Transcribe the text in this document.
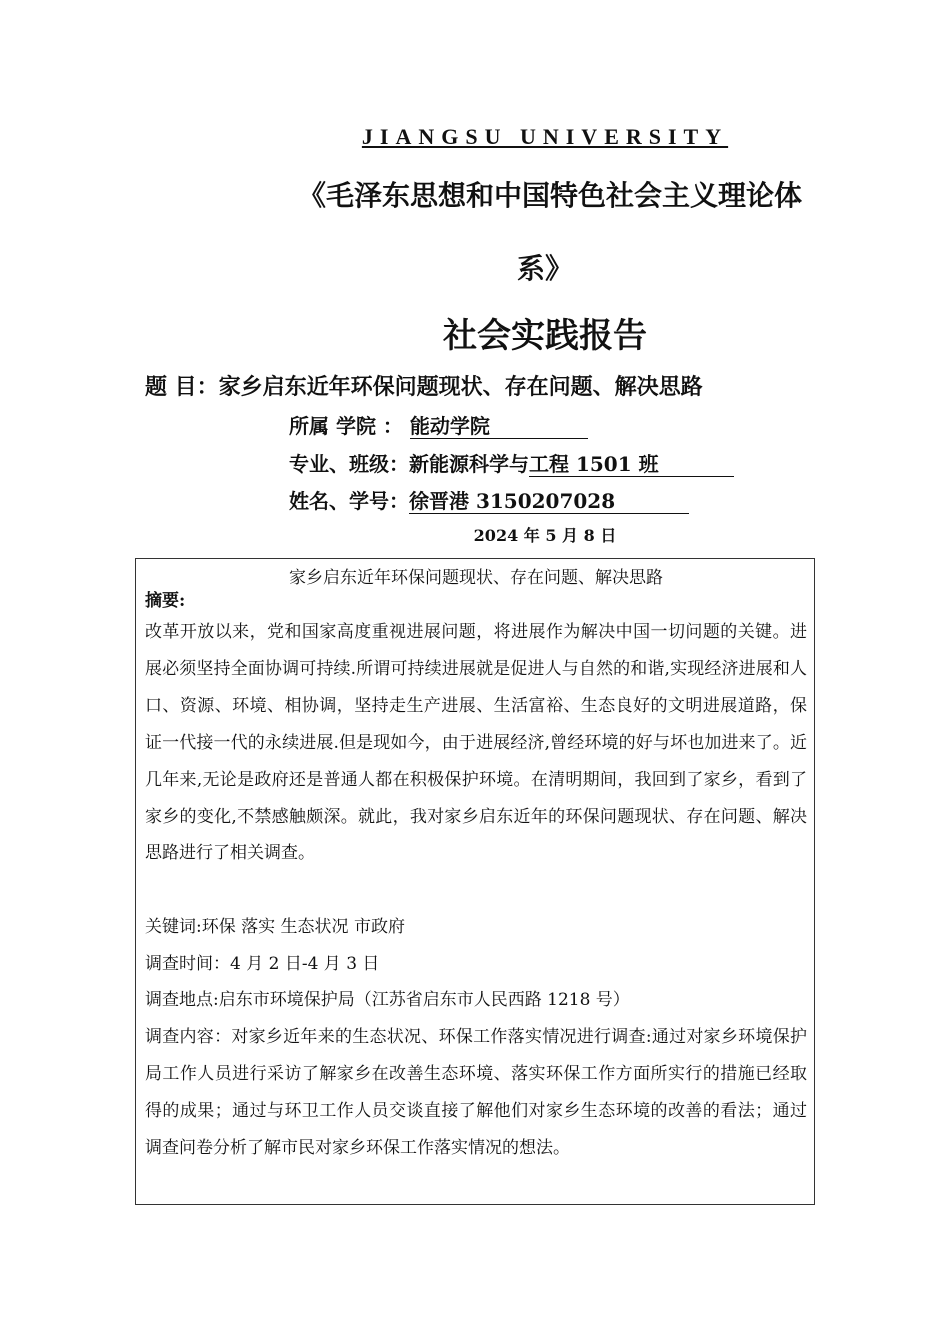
JIANGSU UNIVERSITY
《毛泽东思想和中国特色社会主义理论体
系》
社会实践报告
题 目：家乡启东近年环保问题现状、存在问题、解决思路
所属 学院 ： 能动学院
专业、班级：新能源科学与工程 1501 班
姓名、学号：徐晋港 3150207028
2024 年 5 月 8 日
家乡启东近年环保问题现状、存在问题、解决思路
摘要:
改革开放以来，党和国家高度重视进展问题，将进展作为解决中国一切问题的关键。进展必须坚持全面协调可持续.所谓可持续进展就是促进人与自然的和谐,实现经济进展和人口、资源、环境、相协调，坚持走生产进展、生活富裕、生态良好的文明进展道路，保证一代接一代的永续进展.但是现如今，由于进展经济,曾经环境的好与坏也加进来了。近几年来,无论是政府还是普通人都在积极保护环境。在清明期间，我回到了家乡，看到了家乡的变化,不禁感触颇深。就此，我对家乡启东近年的环保问题现状、存在问题、解决思路进行了相关调查。
关键词:环保 落实 生态状况 市政府
调查时间：4 月 2 日-4 月 3 日
调查地点:启东市环境保护局（江苏省启东市人民西路 1218 号）
调查内容：对家乡近年来的生态状况、环保工作落实情况进行调查:通过对家乡环境保护局工作人员进行采访了解家乡在改善生态环境、落实环保工作方面所实行的措施已经取得的成果；通过与环卫工作人员交谈直接了解他们对家乡生态环境的改善的看法；通过调查问卷分析了解市民对家乡环保工作落实情况的想法。
